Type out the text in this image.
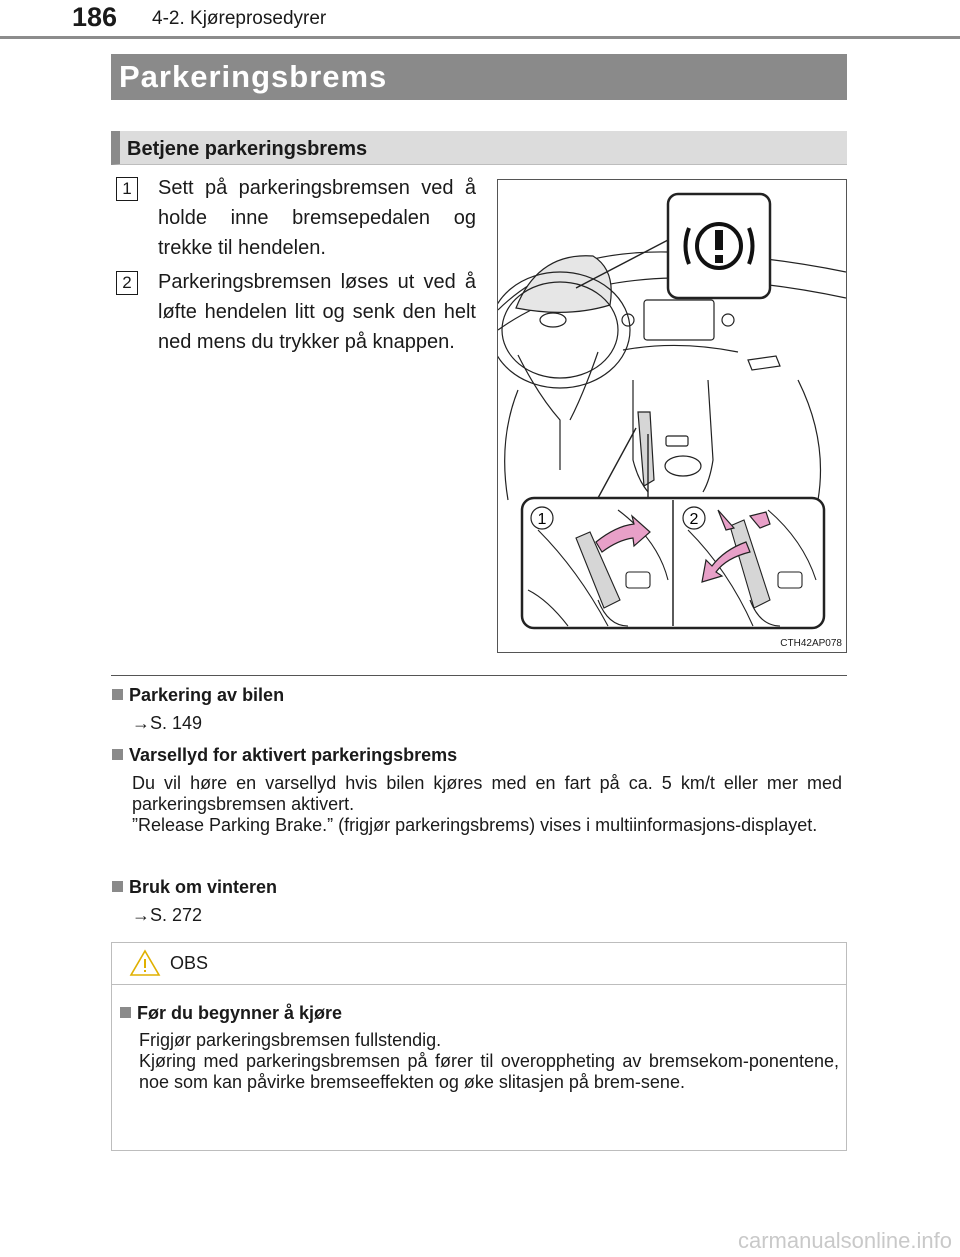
186 4-2. Kjøreprosedyrer
Parkeringsbrems
Betjene parkeringsbrems
1	Sett på parkeringsbremsen ved å holde inne bremsepedalen og trekke til hendelen.
2	Parkeringsbremsen løses ut ved å løfte hendelen litt og senk den helt ned mens du trykker på knappen.
1	2
CTH42AP078
Parkering av bilen
→S. 149
Varsellyd for aktivert parkeringsbrems

Du vil høre en varsellyd hvis bilen kjøres med en fart på ca. 5 km/t eller mer med parkeringsbremsen aktivert.

”Release Parking Brake.” (frigjør parkeringsbrems) vises i multiinformasjons-displayet.

Bruk om vinteren
→S. 272
OBS
Før du begynner å kjøre

Frigjør parkeringsbremsen fullstendig.

Kjøring med parkeringsbremsen på fører til overoppheting av bremsekom-ponentene, noe som kan påvirke bremseeffekten og øke slitasjen på brem-sene.

carmanualsonline.info
